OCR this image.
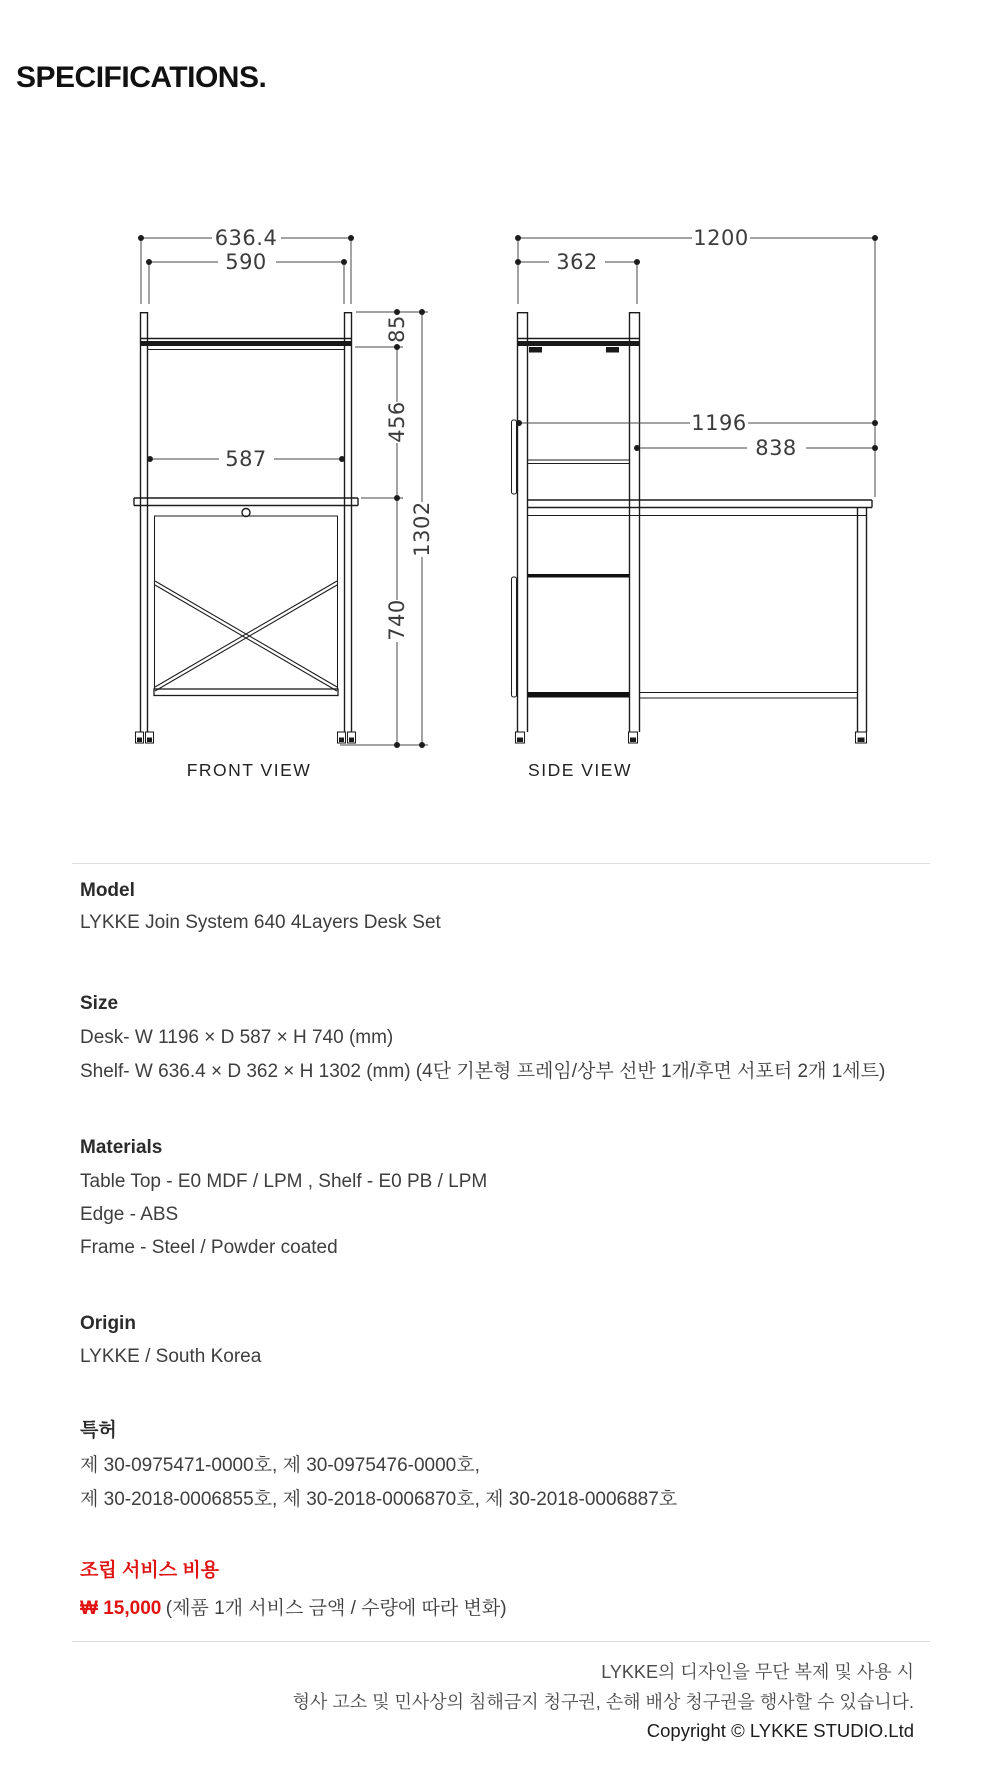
SPECIFICATIONS.
636.4
590
587
85
456
740
1302
FRONT VIEW
1200
362
1196
838
SIDE VIEW
Model
LYKKE Join System 640 4Layers Desk Set
Size
Desk- W 1196 × D 587 × H 740 (mm)
Shelf- W 636.4 × D 362 × H 1302 (mm) (4단 기본형 프레임/상부 선반 1개/후면 서포터 2개 1세트)
Materials
Table Top - E0 MDF / LPM , Shelf - E0 PB / LPM
Edge - ABS
Frame - Steel / Powder coated
Origin
LYKKE / South Korea
특허
제 30-0975471-0000호, 제 30-0975476-0000호,
제 30-2018-0006855호, 제 30-2018-0006870호, 제 30-2018-0006887호
조립 서비스 비용
₩ 15,000 (제품 1개 서비스 금액 / 수량에 따라 변화)
LYKKE의 디자인을 무단 복제 및 사용 시
형사 고소 및 민사상의 침해금지 청구권, 손해 배상 청구권을 행사할 수 있습니다.
Copyright © LYKKE STUDIO.Ltd
